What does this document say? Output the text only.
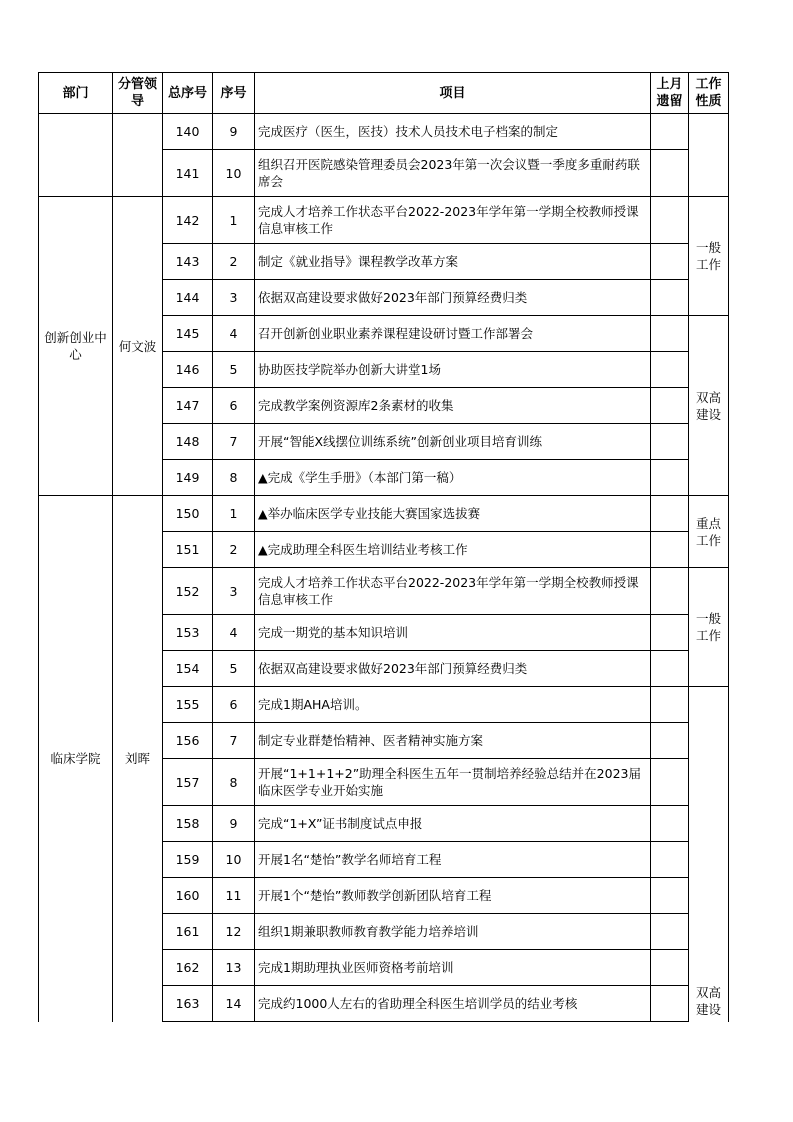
部门	分管领导	总序号	序号	项目	上月遗留	工作性质
		140	9	完成医疗（医生，医技）技术人员技术电子档案的制定		
		141	10	组织召开医院感染管理委员会2023年第一次会议暨一季度多重耐药联席会		
创新创业中心	何文波	142	1	完成人才培养工作状态平台2022-2023年学年第一学期全校教师授课信息审核工作		一般工作
		143	2	制定《就业指导》课程教学改革方案		
		144	3	依据双高建设要求做好2023年部门预算经费归类		
		145	4	召开创新创业职业素养课程建设研讨暨工作部署会		双高建设
		146	5	协助医技学院举办创新大讲堂1场		
		147	6	完成教学案例资源库2条素材的收集		
		148	7	开展“智能X线摆位训练系统”创新创业项目培育训练		
		149	8	▲完成《学生手册》（本部门第一稿）		
临床学院	刘晖	150	1	▲举办临床医学专业技能大赛国家选拔赛		重点工作
		151	2	▲完成助理全科医生培训结业考核工作		
		152	3	完成人才培养工作状态平台2022-2023年学年第一学期全校教师授课信息审核工作		一般工作
		153	4	完成一期党的基本知识培训		
		154	5	依据双高建设要求做好2023年部门预算经费归类		
		155	6	完成1期AHA培训。		双高建设
		156	7	制定专业群楚怡精神、医者精神实施方案		
		157	8	开展“1+1+1+2”助理全科医生五年一贯制培养经验总结并在2023届临床医学专业开始实施		
		158	9	完成“1+X”证书制度试点申报		
		159	10	开展1名“楚怡”教学名师培育工程		
		160	11	开展1个“楚怡”教师教学创新团队培育工程		
		161	12	组织1期兼职教师教育教学能力培养培训		
		162	13	完成1期助理执业医师资格考前培训		
		163	14	完成约1000人左右的省助理全科医生培训学员的结业考核		
